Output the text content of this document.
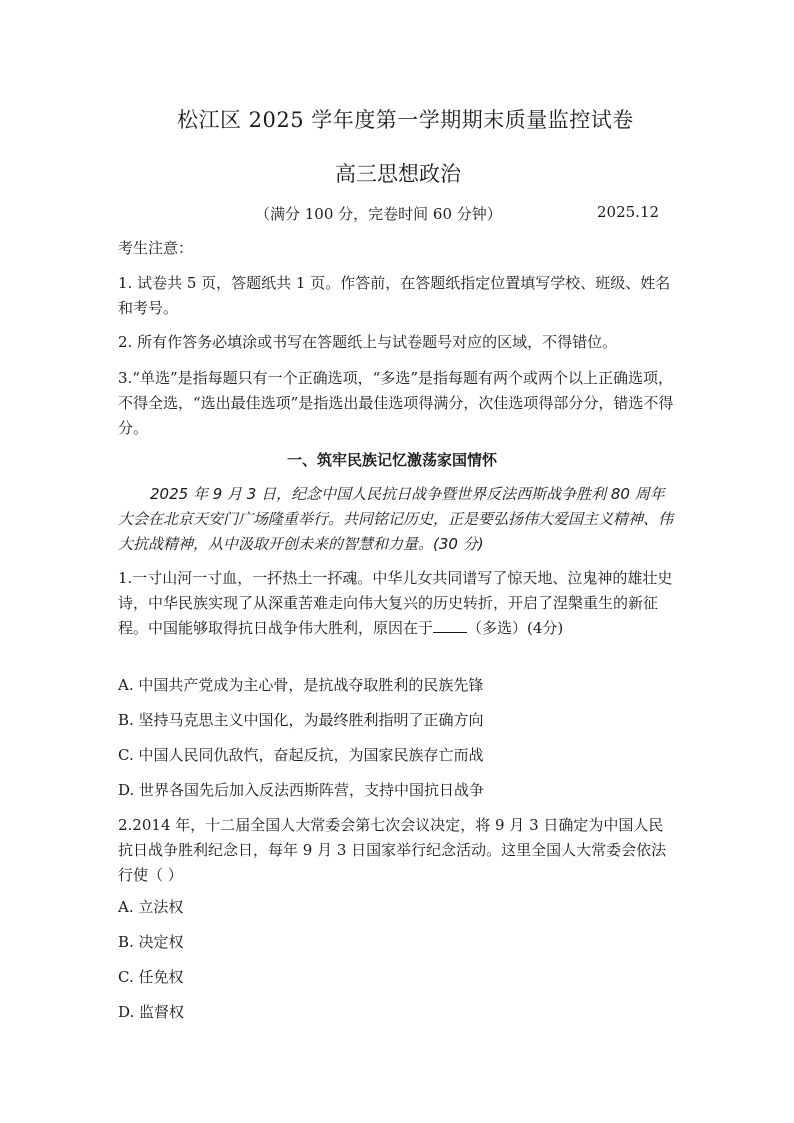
松江区 2025 学年度第一学期期末质量监控试卷
高三思想政治
（满分 100 分，完卷时间 60 分钟）	2025.12
考生注意：
1. 试卷共 5 页，答题纸共 1 页。作答前，在答题纸指定位置填写学校、班级、姓名和考号。
2. 所有作答务必填涂或书写在答题纸上与试卷题号对应的区域，不得错位。
3.“单选”是指每题只有一个正确选项，“多选”是指每题有两个或两个以上正确选项，不得全选，“选出最佳选项”是指选出最佳选项得满分，次佳选项得部分分，错选不得分。
一、筑牢民族记忆激荡家国情怀
2025 年 9 月 3 日，纪念中国人民抗日战争暨世界反法西斯战争胜利 80 周年大会在北京天安门广场隆重举行。共同铭记历史，正是要弘扬伟大爱国主义精神、伟大抗战精神，从中汲取开创未来的智慧和力量。(30 分)
1.一寸山河一寸血，一抔热土一抔魂。中华儿女共同谱写了惊天地、泣鬼神的雄壮史诗，中华民族实现了从深重苦难走向伟大复兴的历史转折，开启了涅槃重生的新征程。中国能够取得抗日战争伟大胜利，原因在于 （多选）(4分)
A. 中国共产党成为主心骨，是抗战夺取胜利的民族先锋
B. 坚持马克思主义中国化，为最终胜利指明了正确方向
C. 中国人民同仇敌忾，奋起反抗，为国家民族存亡而战
D. 世界各国先后加入反法西斯阵营，支持中国抗日战争
2.2014 年，十二届全国人大常委会第七次会议决定，将 9 月 3 日确定为中国人民抗日战争胜利纪念日，每年 9 月 3 日国家举行纪念活动。这里全国人大常委会依法行使（ ）
A. 立法权
B. 决定权
C. 任免权
D. 监督权
